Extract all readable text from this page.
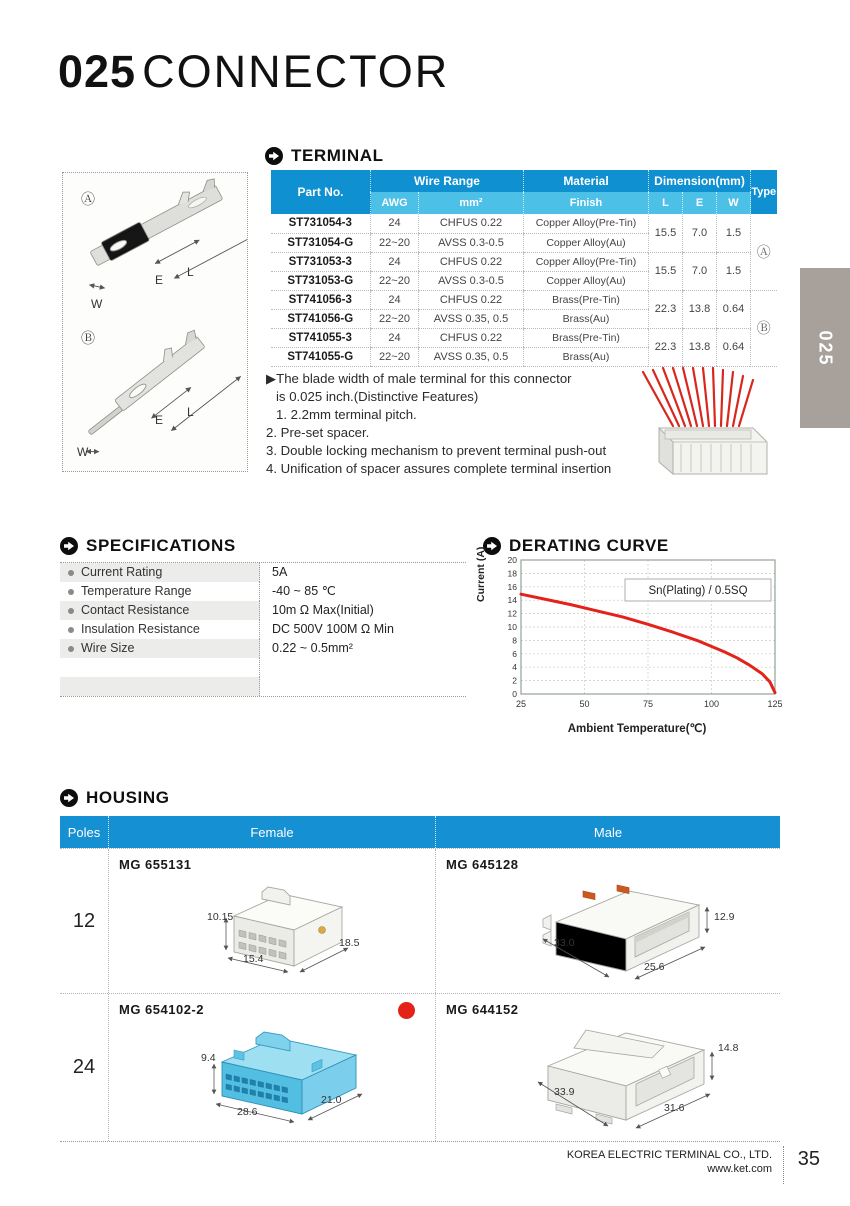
025 CONNECTOR
025
TERMINAL
Ⓐ
Ⓑ
E
L
W
E
L
W
Part No.	Wire Range		Material	Dimension(mm)			Type
	AWG	mm²	Finish	L	E	W	
ST731054-3	24	CHFUS 0.22	Copper Alloy(Pre-Tin)	15.5	7.0	1.5	Ⓐ
ST731054-G	22~20	AVSS 0.3-0.5	Copper Alloy(Au)				
ST731053-3	24	CHFUS 0.22	Copper Alloy(Pre-Tin)	15.5	7.0	1.5	
ST731053-G	22~20	AVSS 0.3-0.5	Copper Alloy(Au)				
ST741056-3	24	CHFUS 0.22	Brass(Pre-Tin)	22.3	13.8	0.64	Ⓑ
ST741056-G	22~20	AVSS 0.35, 0.5	Brass(Au)				
ST741055-3	24	CHFUS 0.22	Brass(Pre-Tin)	22.3	13.8	0.64	
ST741055-G	22~20	AVSS 0.35, 0.5	Brass(Au)				
▶The blade width of male terminal for this connector
is 0.025 inch.(Distinctive Features)
1. 2.2mm terminal pitch.
2. Pre-set spacer.
3. Double locking mechanism to prevent terminal push-out
4. Unification of spacer assures complete terminal insertion
SPECIFICATIONS
Current Rating	5A
Temperature Range	-40 ~ 85 ℃
Contact Resistance	10m Ω Max(Initial)
Insulation Resistance	DC 500V 100M Ω Min
Wire Size	0.22 ~ 0.5mm²
DERATING CURVE
Current (A)
0
2
4
6
8
10
12
14
16
18
20
25	50	75	100	125
Sn(Plating) / 0.5SQ
Ambient Temperature(℃)
HOUSING
Poles	Female	Male
12
MG 655131
10.15
15.4
18.5
MG 645128
33.0
12.9
25.6
24
MG 654102-2
9.4
28.6
21.0
MG 644152
33.9
14.8
31.6
KOREA ELECTRIC TERMINAL CO., LTD.
www.ket.com 35
